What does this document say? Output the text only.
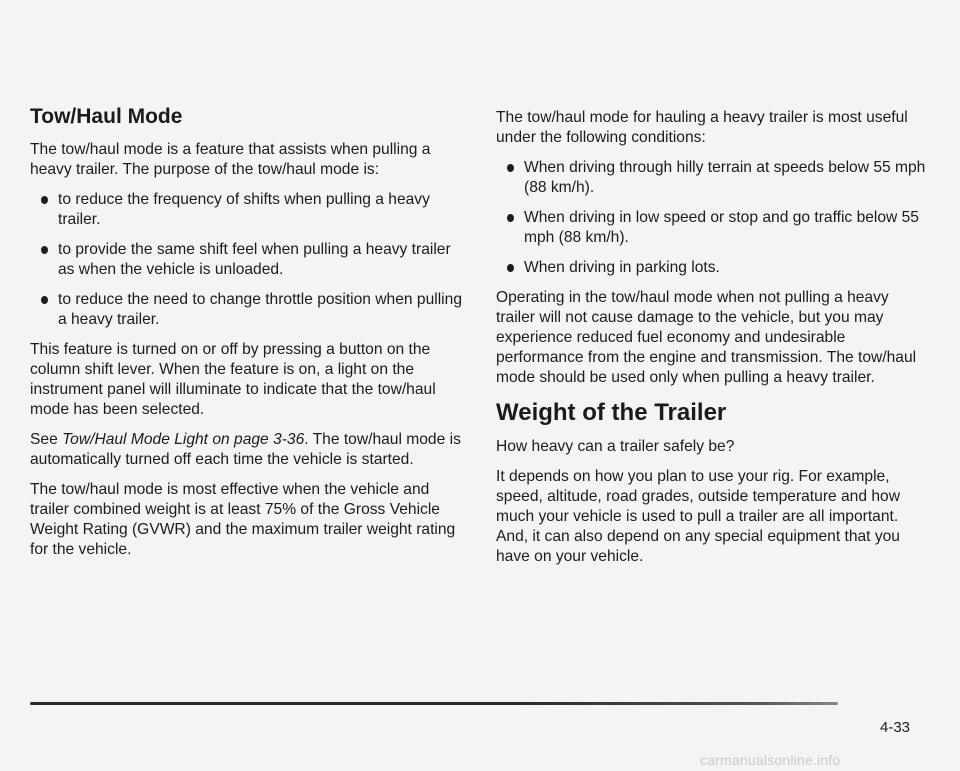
Tow/Haul Mode

The tow/haul mode is a feature that assists when pulling a heavy trailer. The purpose of the tow/haul mode is:

to reduce the frequency of shifts when pulling a heavy trailer.
to provide the same shift feel when pulling a heavy trailer as when the vehicle is unloaded.
to reduce the need to change throttle position when pulling a heavy trailer.

This feature is turned on or off by pressing a button on the column shift lever. When the feature is on, a light on the instrument panel will illuminate to indicate that the tow/haul mode has been selected.

See Tow/Haul Mode Light on page 3-36. The tow/haul mode is automatically turned off each time the vehicle is started.

The tow/haul mode is most effective when the vehicle and trailer combined weight is at least 75% of the Gross Vehicle Weight Rating (GVWR) and the maximum trailer weight rating for the vehicle.

The tow/haul mode for hauling a heavy trailer is most useful under the following conditions:

When driving through hilly terrain at speeds below 55 mph (88 km/h).
When driving in low speed or stop and go traffic below 55 mph (88 km/h).
When driving in parking lots.

Operating in the tow/haul mode when not pulling a heavy trailer will not cause damage to the vehicle, but you may experience reduced fuel economy and undesirable performance from the engine and transmission. The tow/haul mode should be used only when pulling a heavy trailer.

Weight of the Trailer

How heavy can a trailer safely be?

It depends on how you plan to use your rig. For example, speed, altitude, road grades, outside temperature and how much your vehicle is used to pull a trailer are all important. And, it can also depend on any special equipment that you have on your vehicle.

4-33
carmanualsonline.info
